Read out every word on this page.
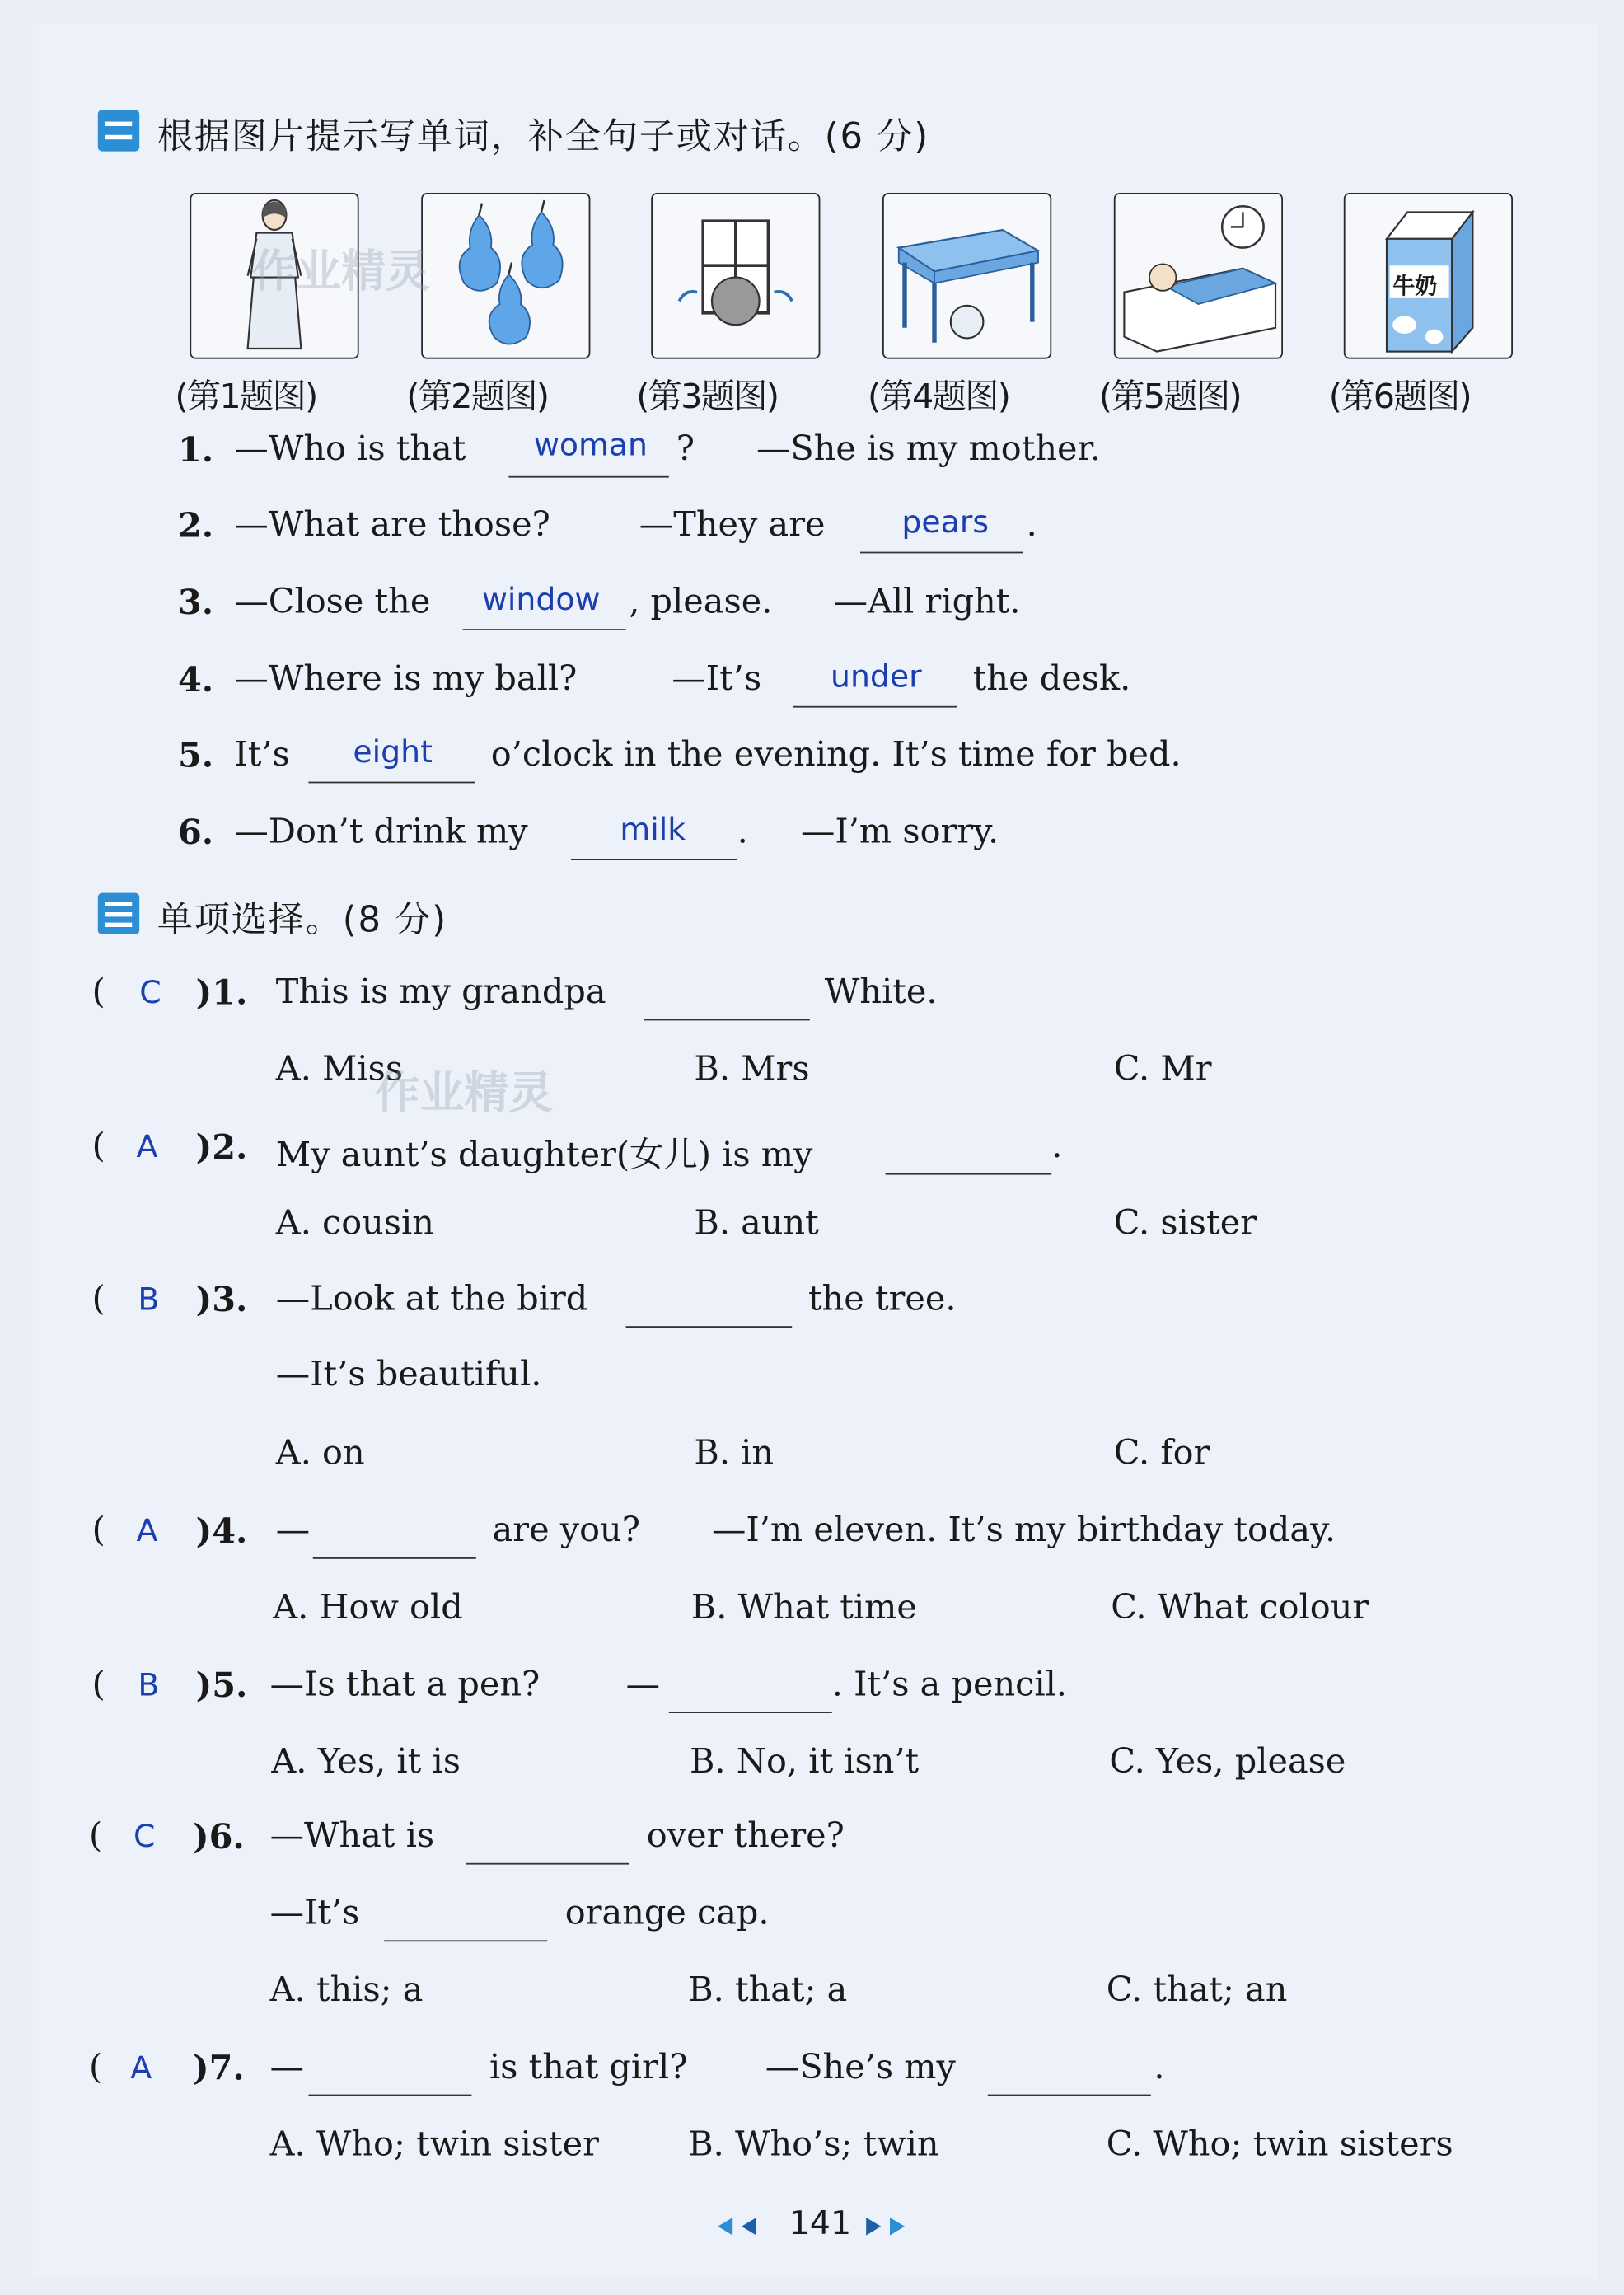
根据图片提示写单词，补全句子或对话。(6 分)
牛奶
(第1题图)	(第2题图)	(第3题图)	(第4题图)	(第5题图)	(第6题图)
作业精灵
1. —Who is that	woman ?	—She is my mother.
2. —What are those?	—They are	pears .
3. —Close the	window , please.	—All right.
4. —Where is my ball?	—It’s	under	the desk.
5. It’s	eight	o’clock in the evening. It’s time for bed.
6. —Don’t drink my	milk	.	—I’m sorry.
单项选择。(8 分)
( C )1. This is my grandpa	White.
A. Miss	B. Mrs	C. Mr
作业精灵
( A )2. My aunt’s daughter(女儿) is my	.
A. cousin	B. aunt	C. sister
( B )3. —Look at the bird	the tree.
—It’s beautiful.
A. on	B. in	C. for
( A )4. —	are you?	—I’m eleven. It’s my birthday today.
A. How old	B. What time	C. What colour
( B )5. —Is that a pen?	—	. It’s a pencil.
A. Yes, it is	B. No, it isn’t	C. Yes, please
( C )6. —What is	over there?
—It’s	orange cap.
A. this; a	B. that; a	C. that; an
( A )7. —	is that girl?	—She’s my	.
A. Who; twin sister	B. Who’s; twin	C. Who; twin sisters
141
